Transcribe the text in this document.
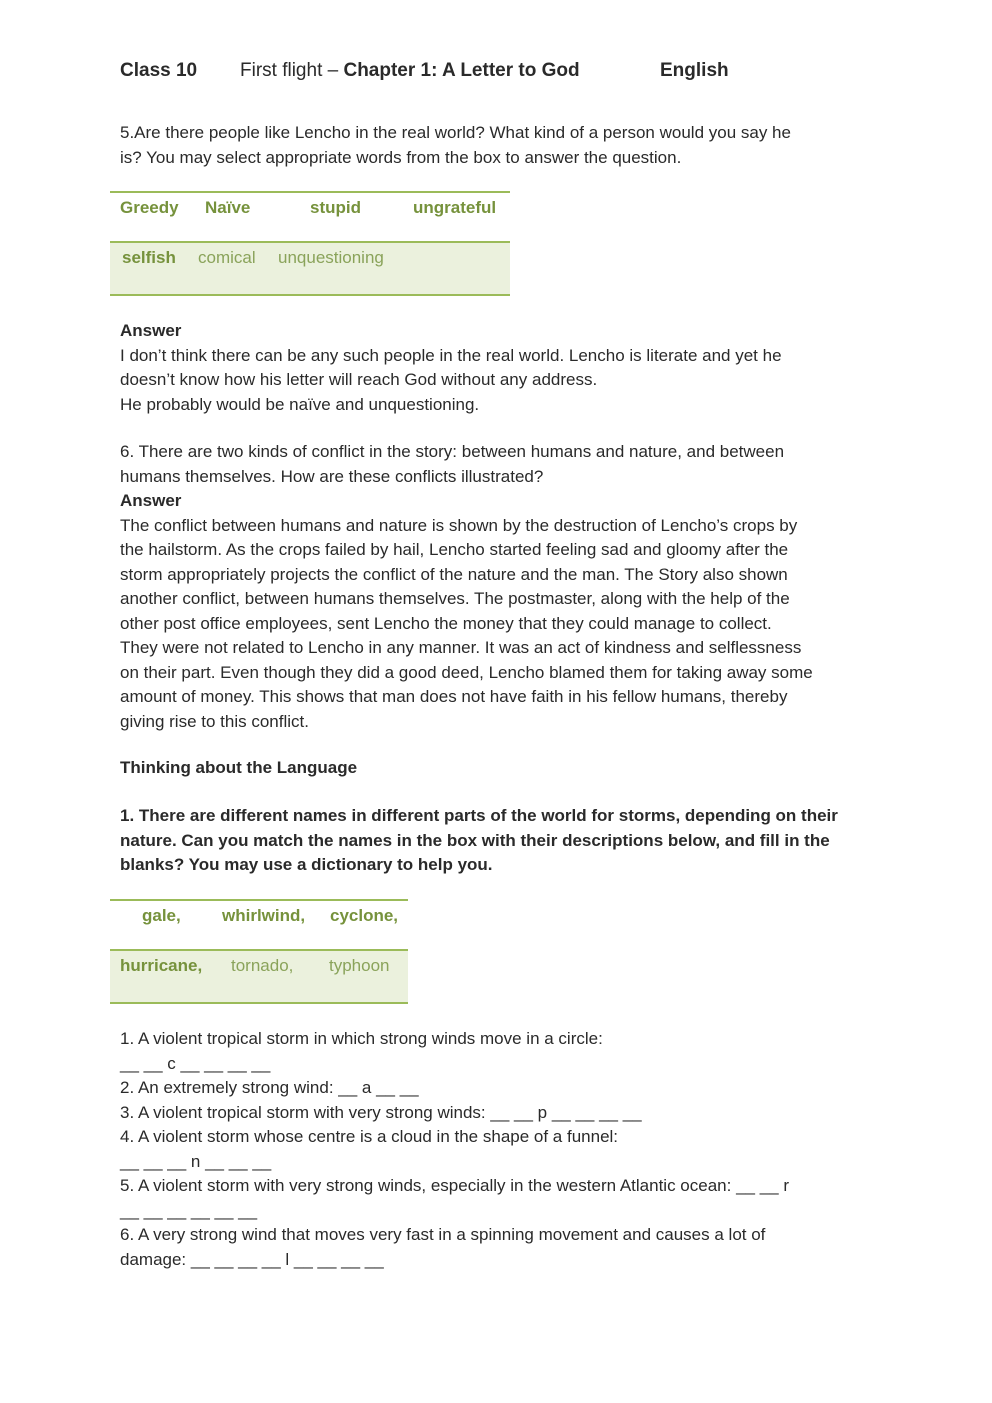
Class 10 First flight – Chapter 1: A Letter to God	English
5.Are there people like Lencho in the real world? What kind of a person would you say he
is? You may select appropriate words from the box to answer the question.
Greedy Naïve	stupid	ungrateful
selfish comical unquestioning
Answer
I don’t think there can be any such people in the real world. Lencho is literate and yet he
doesn’t know how his letter will reach God without any address.
He probably would be naïve and unquestioning.
6. There are two kinds of conflict in the story: between humans and nature, and between
humans themselves. How are these conflicts illustrated?
Answer
The conflict between humans and nature is shown by the destruction of Lencho’s crops by
the hailstorm. As the crops failed by hail, Lencho started feeling sad and gloomy after the
storm appropriately projects the conflict of the nature and the man. The Story also shown
another conflict, between humans themselves. The postmaster, along with the help of the
other post office employees, sent Lencho the money that they could manage to collect.
They were not related to Lencho in any manner. It was an act of kindness and selflessness
on their part. Even though they did a good deed, Lencho blamed them for taking away some
amount of money. This shows that man does not have faith in his fellow humans, thereby
giving rise to this conflict.
Thinking about the Language
1. There are different names in different parts of the world for storms, depending on their
nature. Can you match the names in the box with their descriptions below, and fill in the
blanks? You may use a dictionary to help you.
gale, whirlwind, cyclone,
hurricane, tornado, typhoon
1. A violent tropical storm in which strong winds move in a circle:
__ __ c __ __ __ __
2. An extremely strong wind: __ a __ __
3. A violent tropical storm with very strong winds: __ __ p __ __ __ __
4. A violent storm whose centre is a cloud in the shape of a funnel:
__ __ __ n __ __ __
5. A violent storm with very strong winds, especially in the western Atlantic ocean: __ __ r
__ __ __ __ __ __
6. A very strong wind that moves very fast in a spinning movement and causes a lot of
damage: __ __ __ __ l __ __ __ __
